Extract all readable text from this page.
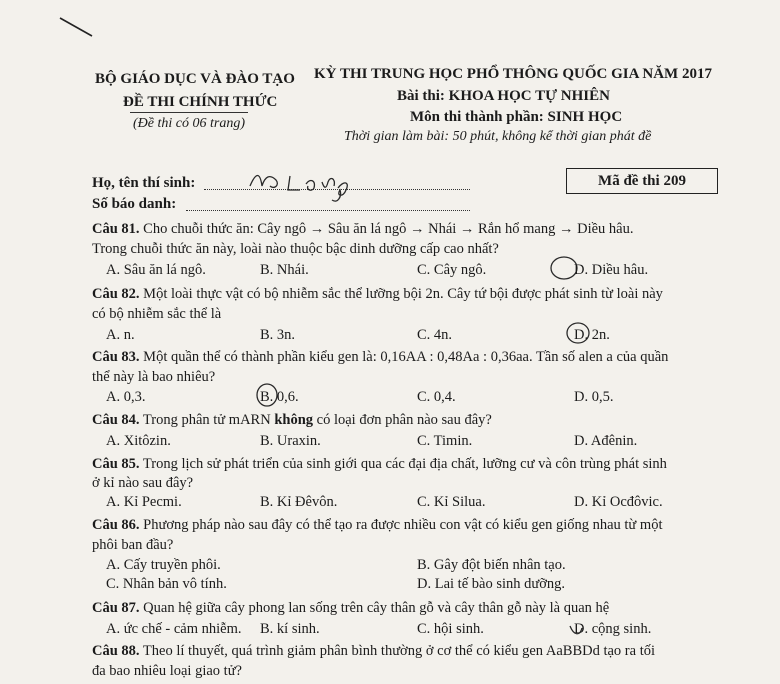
BỘ GIÁO DỤC VÀ ĐÀO TẠO
ĐỀ THI CHÍNH THỨC
(Đề thi có 06 trang)
KỲ THI TRUNG HỌC PHỔ THÔNG QUỐC GIA NĂM 2017
Bài thi: KHOA HỌC TỰ NHIÊN
Môn thi thành phần: SINH HỌC
Thời gian làm bài: 50 phút, không kể thời gian phát đề
Họ, tên thí sinh:
Số báo danh:
Mã đề thi 209
Câu 81. Cho chuỗi thức ăn: Cây ngô → Sâu ăn lá ngô → Nhái → Rắn hổ mang → Diều hâu.
Trong chuỗi thức ăn này, loài nào thuộc bậc dinh dưỡng cấp cao nhất?
A. Sâu ăn lá ngô.	B. Nhái.	C. Cây ngô.	D. Diều hâu.
Câu 82. Một loài thực vật có bộ nhiễm sắc thể lưỡng bội 2n. Cây tứ bội được phát sinh từ loài này
có bộ nhiễm sắc thể là
A. n.	B. 3n.	C. 4n.	D. 2n.
Câu 83. Một quần thể có thành phần kiểu gen là: 0,16AA : 0,48Aa : 0,36aa. Tần số alen a của quần
thể này là bao nhiêu?
A. 0,3.	B. 0,6.	C. 0,4.	D. 0,5.
Câu 84. Trong phân tử mARN không có loại đơn phân nào sau đây?
A. Xitôzin.	B. Uraxin.	C. Timin.	D. Ađênin.
Câu 85. Trong lịch sử phát triển của sinh giới qua các đại địa chất, lưỡng cư và côn trùng phát sinh
ở kỉ nào sau đây?
A. Kỉ Pecmi.	B. Kỉ Đêvôn.	C. Kỉ Silua.	D. Kỉ Ocđôvic.
Câu 86. Phương pháp nào sau đây có thể tạo ra được nhiều con vật có kiểu gen giống nhau từ một
phôi ban đầu?
A. Cấy truyền phôi.	B. Gây đột biến nhân tạo.
C. Nhân bản vô tính.	D. Lai tế bào sinh dưỡng.
Câu 87. Quan hệ giữa cây phong lan sống trên cây thân gỗ và cây thân gỗ này là quan hệ
A. ức chế - cảm nhiễm. B. kí sinh.	C. hội sinh.	D. cộng sinh.
Câu 88. Theo lí thuyết, quá trình giảm phân bình thường ở cơ thể có kiểu gen AaBBDd tạo ra tối
đa bao nhiêu loại giao tử?
